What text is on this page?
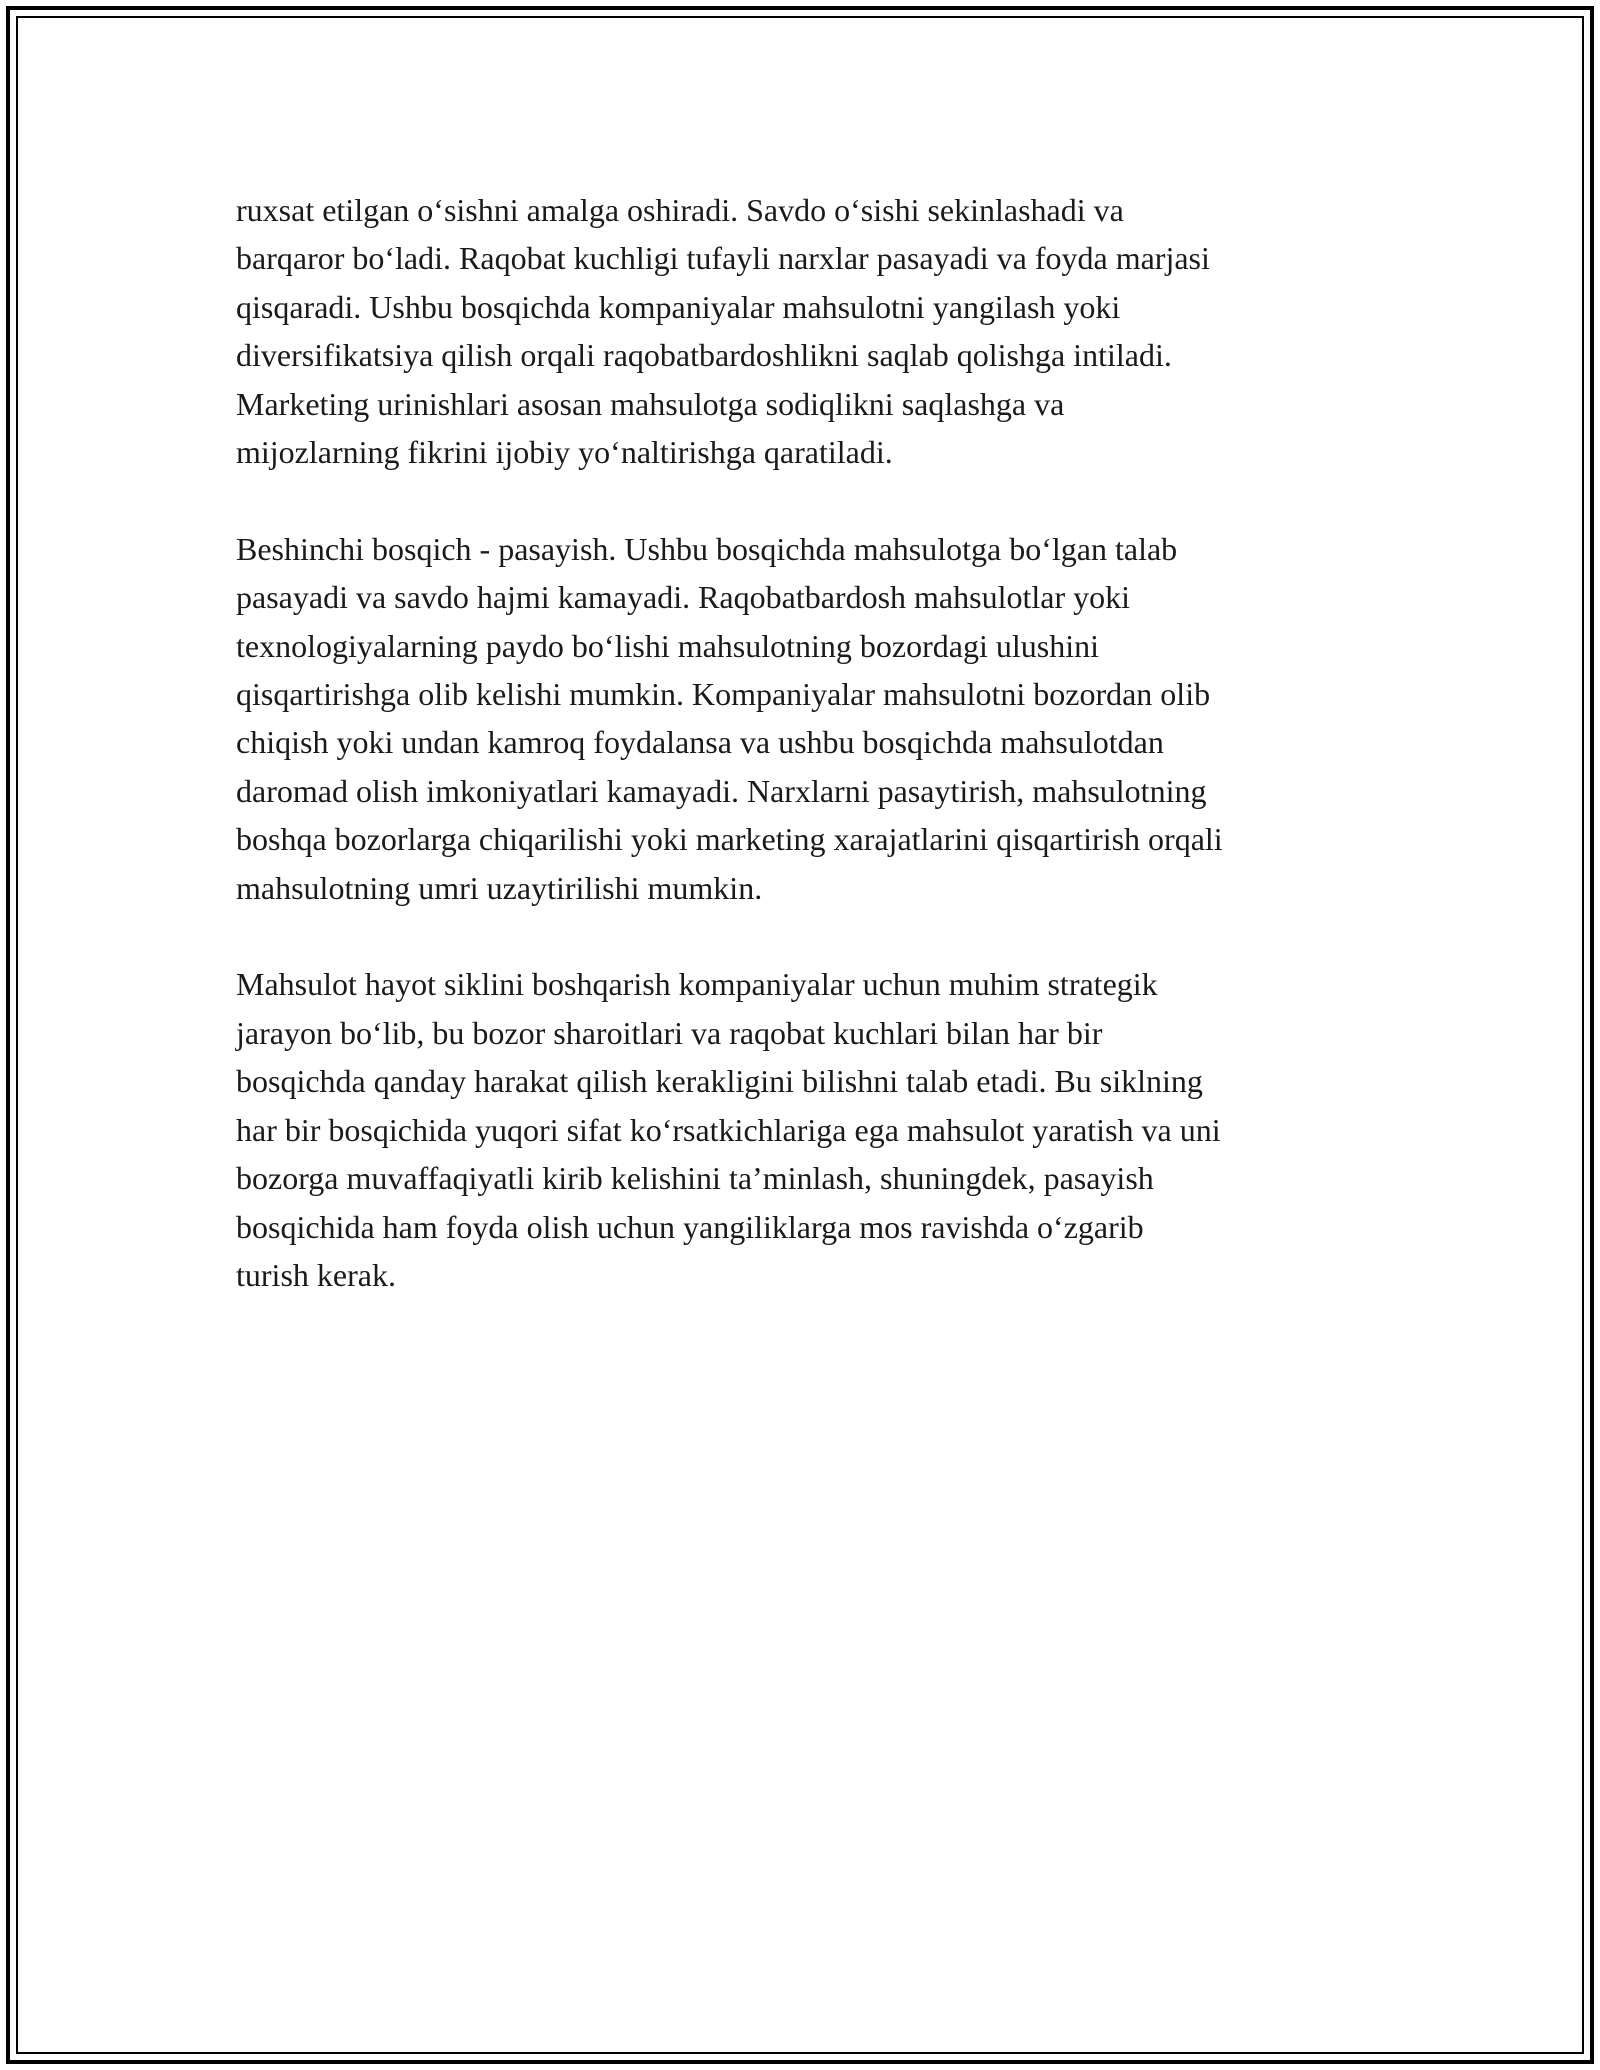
ruxsat etilgan o‘sishni amalga oshiradi. Savdo o‘sishi sekinlashadi va
barqaror bo‘ladi. Raqobat kuchligi tufayli narxlar pasayadi va foyda marjasi
qisqaradi. Ushbu bosqichda kompaniyalar mahsulotni yangilash yoki
diversifikatsiya qilish orqali raqobatbardoshlikni saqlab qolishga intiladi.
Marketing urinishlari asosan mahsulotga sodiqlikni saqlashga va
mijozlarning fikrini ijobiy yo‘naltirishga qaratiladi.

Beshinchi bosqich - pasayish. Ushbu bosqichda mahsulotga bo‘lgan talab
pasayadi va savdo hajmi kamayadi. Raqobatbardosh mahsulotlar yoki
texnologiyalarning paydo bo‘lishi mahsulotning bozordagi ulushini
qisqartirishga olib kelishi mumkin. Kompaniyalar mahsulotni bozordan olib
chiqish yoki undan kamroq foydalansa va ushbu bosqichda mahsulotdan
daromad olish imkoniyatlari kamayadi. Narxlarni pasaytirish, mahsulotning
boshqa bozorlarga chiqarilishi yoki marketing xarajatlarini qisqartirish orqali
mahsulotning umri uzaytirilishi mumkin.

Mahsulot hayot siklini boshqarish kompaniyalar uchun muhim strategik
jarayon bo‘lib, bu bozor sharoitlari va raqobat kuchlari bilan har bir
bosqichda qanday harakat qilish kerakligini bilishni talab etadi. Bu siklning
har bir bosqichida yuqori sifat ko‘rsatkichlariga ega mahsulot yaratish va uni
bozorga muvaffaqiyatli kirib kelishini ta’minlash, shuningdek, pasayish
bosqichida ham foyda olish uchun yangiliklarga mos ravishda o‘zgarib
turish kerak.
